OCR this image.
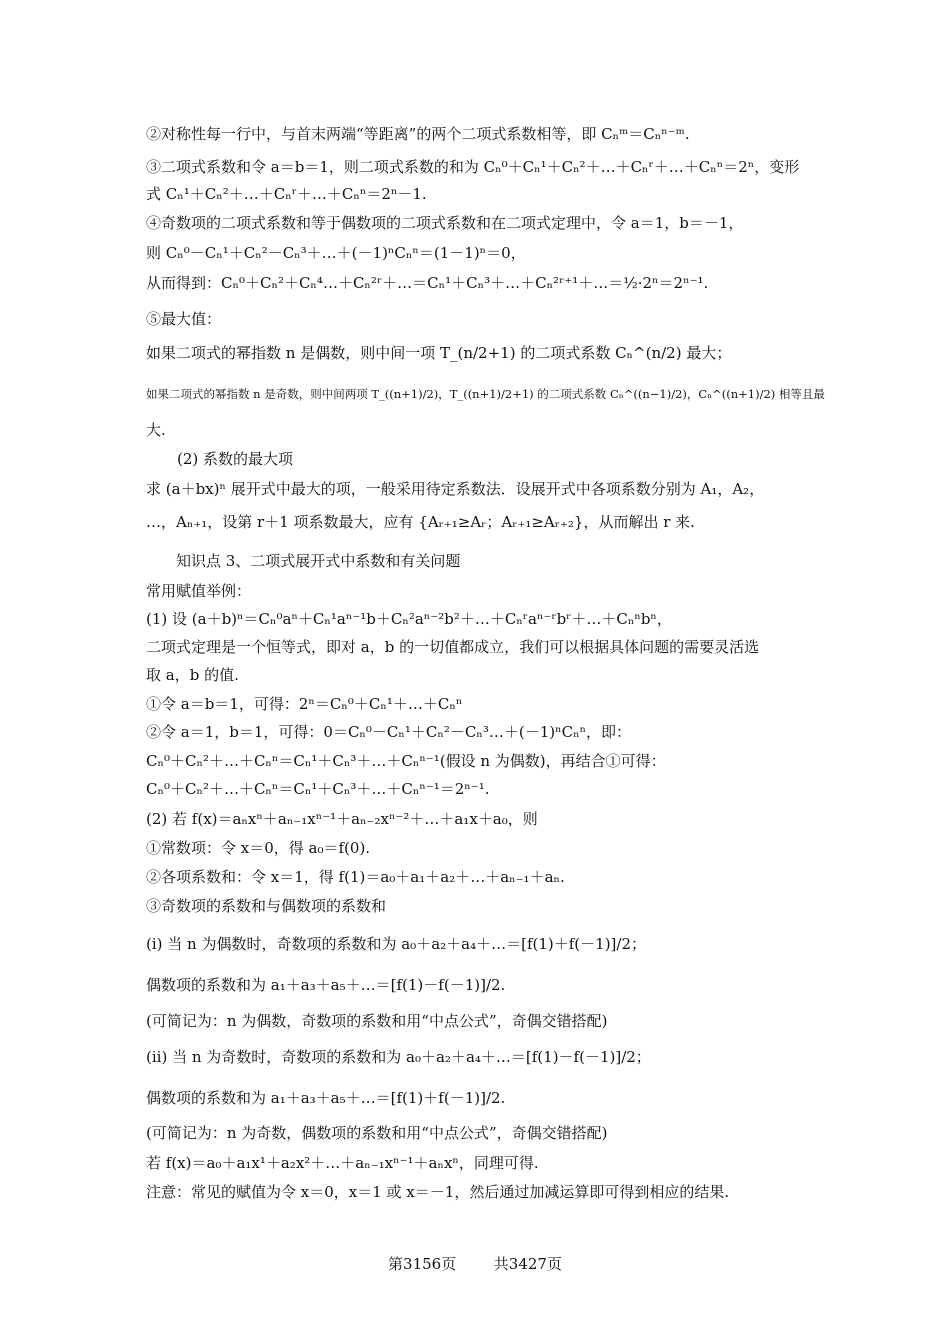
②对称性每一行中，与首末两端“等距离”的两个二项式系数相等，即 Cₙᵐ＝Cₙⁿ⁻ᵐ.
③二项式系数和令 a＝b＝1，则二项式系数的和为 Cₙ⁰＋Cₙ¹＋Cₙ²＋…＋Cₙʳ＋…＋Cₙⁿ＝2ⁿ，变形
式 Cₙ¹＋Cₙ²＋…＋Cₙʳ＋…＋Cₙⁿ＝2ⁿ－1.
④奇数项的二项式系数和等于偶数项的二项式系数和在二项式定理中，令 a＝1，b＝－1，
则 Cₙ⁰－Cₙ¹＋Cₙ²－Cₙ³＋…＋(－1)ⁿCₙⁿ＝(1－1)ⁿ＝0，
从而得到：Cₙ⁰＋Cₙ²＋Cₙ⁴…＋Cₙ²ʳ＋…＝Cₙ¹＋Cₙ³＋…＋Cₙ²ʳ⁺¹＋…＝½·2ⁿ＝2ⁿ⁻¹.
⑤最大值：
如果二项式的幂指数 n 是偶数，则中间一项 T_(n/2+1) 的二项式系数 Cₙ^(n/2) 最大；
如果二项式的幂指数 n 是奇数，则中间两项 T_((n+1)/2)，T_((n+1)/2+1) 的二项式系数 Cₙ^((n−1)/2)，Cₙ^((n+1)/2) 相等且最
大.
(2) 系数的最大项
求 (a＋bx)ⁿ 展开式中最大的项，一般采用待定系数法．设展开式中各项系数分别为 A₁，A₂，
…，Aₙ₊₁，设第 r＋1 项系数最大，应有 {Aᵣ₊₁≥Aᵣ；Aᵣ₊₁≥Aᵣ₊₂}，从而解出 r 来.
知识点 3、二项式展开式中系数和有关问题
常用赋值举例：
(1) 设 (a＋b)ⁿ＝Cₙ⁰aⁿ＋Cₙ¹aⁿ⁻¹b＋Cₙ²aⁿ⁻²b²＋…＋Cₙʳaⁿ⁻ʳbʳ＋…＋Cₙⁿbⁿ，
二项式定理是一个恒等式，即对 a，b 的一切值都成立，我们可以根据具体问题的需要灵活选
取 a，b 的值.
①令 a＝b＝1，可得：2ⁿ＝Cₙ⁰＋Cₙ¹＋…＋Cₙⁿ
②令 a＝1，b＝1，可得：0＝Cₙ⁰－Cₙ¹＋Cₙ²－Cₙ³…＋(－1)ⁿCₙⁿ，即：
Cₙ⁰＋Cₙ²＋…＋Cₙⁿ＝Cₙ¹＋Cₙ³＋…＋Cₙⁿ⁻¹(假设 n 为偶数)，再结合①可得：
Cₙ⁰＋Cₙ²＋…＋Cₙⁿ＝Cₙ¹＋Cₙ³＋…＋Cₙⁿ⁻¹＝2ⁿ⁻¹.
(2) 若 f(x)＝aₙxⁿ＋aₙ₋₁xⁿ⁻¹＋aₙ₋₂xⁿ⁻²＋…＋a₁x＋a₀，则
①常数项：令 x＝0，得 a₀＝f(0).
②各项系数和：令 x＝1，得 f(1)＝a₀＋a₁＋a₂＋…＋aₙ₋₁＋aₙ.
③奇数项的系数和与偶数项的系数和
(i) 当 n 为偶数时，奇数项的系数和为 a₀＋a₂＋a₄＋…＝[f(1)＋f(－1)]/2；
偶数项的系数和为 a₁＋a₃＋a₅＋…＝[f(1)－f(－1)]/2.
(可简记为：n 为偶数，奇数项的系数和用“中点公式”，奇偶交错搭配)
(ii) 当 n 为奇数时，奇数项的系数和为 a₀＋a₂＋a₄＋…＝[f(1)－f(－1)]/2；
偶数项的系数和为 a₁＋a₃＋a₅＋…＝[f(1)＋f(－1)]/2.
(可简记为：n 为奇数，偶数项的系数和用“中点公式”，奇偶交错搭配)
若 f(x)＝a₀＋a₁x¹＋a₂x²＋…＋aₙ₋₁xⁿ⁻¹＋aₙxⁿ，同理可得.
注意：常见的赋值为令 x＝0，x＝1 或 x＝－1，然后通过加减运算即可得到相应的结果.
第3156页	共3427页
